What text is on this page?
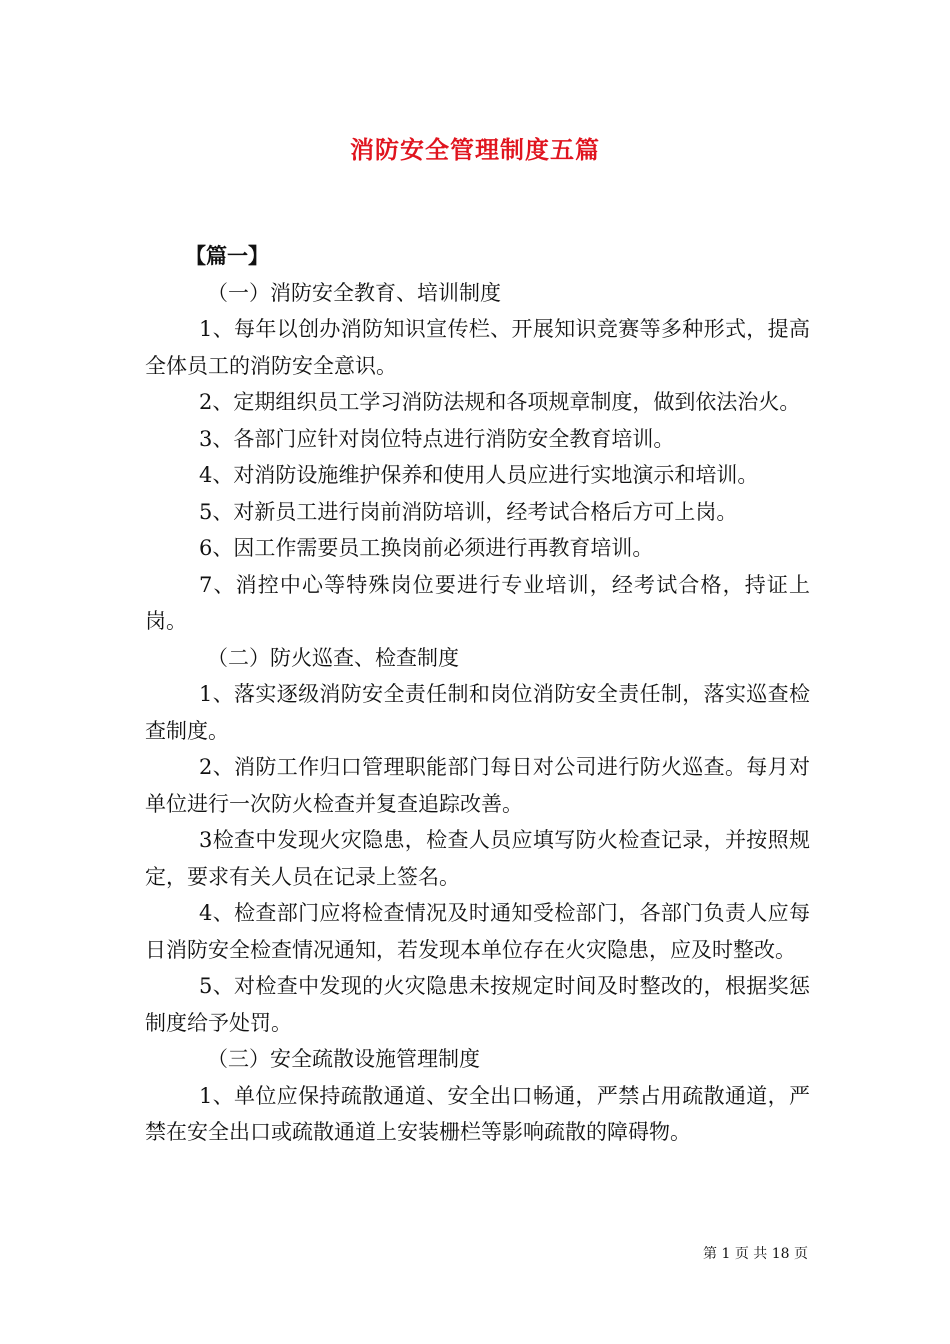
消防安全管理制度五篇

【篇一】

（一）消防安全教育、培训制度

1、每年以创办消防知识宣传栏、开展知识竞赛等多种形式，提高全体员工的消防安全意识。

2、定期组织员工学习消防法规和各项规章制度，做到依法治火。

3、各部门应针对岗位特点进行消防安全教育培训。

4、对消防设施维护保养和使用人员应进行实地演示和培训。

5、对新员工进行岗前消防培训，经考试合格后方可上岗。

6、因工作需要员工换岗前必须进行再教育培训。

7、消控中心等特殊岗位要进行专业培训，经考试合格，持证上岗。

（二）防火巡查、检查制度

1、落实逐级消防安全责任制和岗位消防安全责任制，落实巡查检查制度。

2、消防工作归口管理职能部门每日对公司进行防火巡查。每月对单位进行一次防火检查并复查追踪改善。

3检查中发现火灾隐患，检查人员应填写防火检查记录，并按照规定，要求有关人员在记录上签名。

4、检查部门应将检查情况及时通知受检部门，各部门负责人应每日消防安全检查情况通知，若发现本单位存在火灾隐患，应及时整改。

5、对检查中发现的火灾隐患未按规定时间及时整改的，根据奖惩制度给予处罚。

（三）安全疏散设施管理制度

1、单位应保持疏散通道、安全出口畅通，严禁占用疏散通道，严禁在安全出口或疏散通道上安装栅栏等影响疏散的障碍物。

第 1 页 共 18 页
